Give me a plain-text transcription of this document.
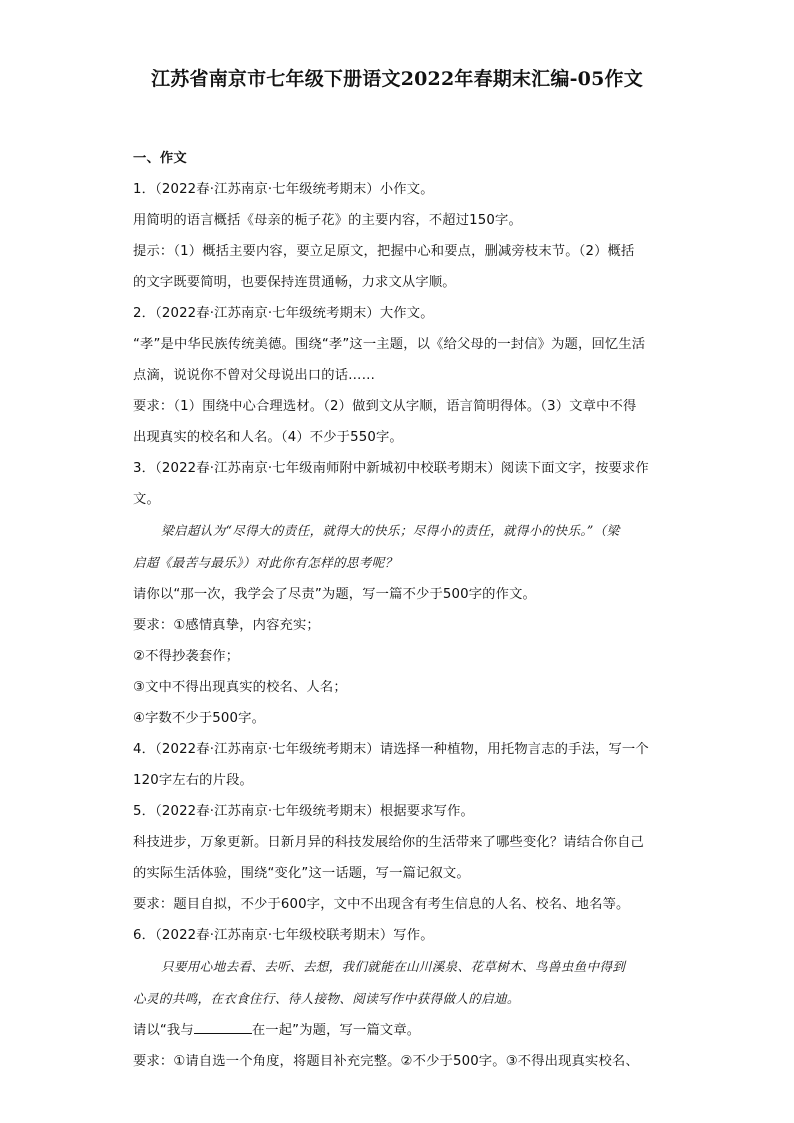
江苏省南京市七年级下册语文2022年春期末汇编-05作文
一、作文
1．（2022春·江苏南京·七年级统考期末）小作文。
用简明的语言概括《母亲的栀子花》的主要内容，不超过150字。
提示：（1）概括主要内容，要立足原文，把握中心和要点，删减旁枝末节。（2）概括
的文字既要简明，也要保持连贯通畅，力求文从字顺。
2．（2022春·江苏南京·七年级统考期末）大作文。
“孝”是中华民族传统美德。围绕“孝”这一主题，以《给父母的一封信》为题，回忆生活
点滴，说说你不曾对父母说出口的话……
要求：（1）围绕中心合理选材。（2）做到文从字顺，语言简明得体。（3）文章中不得
出现真实的校名和人名。（4）不少于550字。
3．（2022春·江苏南京·七年级南师附中新城初中校联考期末）阅读下面文字，按要求作
文。
梁启超认为“尽得大的责任，就得大的快乐；尽得小的责任，就得小的快乐。”（梁
启超《最苦与最乐》）对此你有怎样的思考呢？
请你以“那一次，我学会了尽责”为题，写一篇不少于500字的作文。
要求：①感情真挚，内容充实；
②不得抄袭套作；
③文中不得出现真实的校名、人名；
④字数不少于500字。
4．（2022春·江苏南京·七年级统考期末）请选择一种植物，用托物言志的手法，写一个
120字左右的片段。
5．（2022春·江苏南京·七年级统考期末）根据要求写作。
科技进步，万象更新。日新月异的科技发展给你的生活带来了哪些变化？请结合你自己
的实际生活体验，围绕“变化”这一话题，写一篇记叙文。
要求：题目自拟，不少于600字，文中不出现含有考生信息的人名、校名、地名等。
6．（2022春·江苏南京·七年级校联考期末）写作。
只要用心地去看、去听、去想，我们就能在山川溪泉、花草树木、鸟兽虫鱼中得到
心灵的共鸣，在衣食住行、待人接物、阅读写作中获得做人的启迪。
请以“我与	在一起”为题，写一篇文章。
要求：①请自选一个角度，将题目补充完整。②不少于500字。③不得出现真实校名、
